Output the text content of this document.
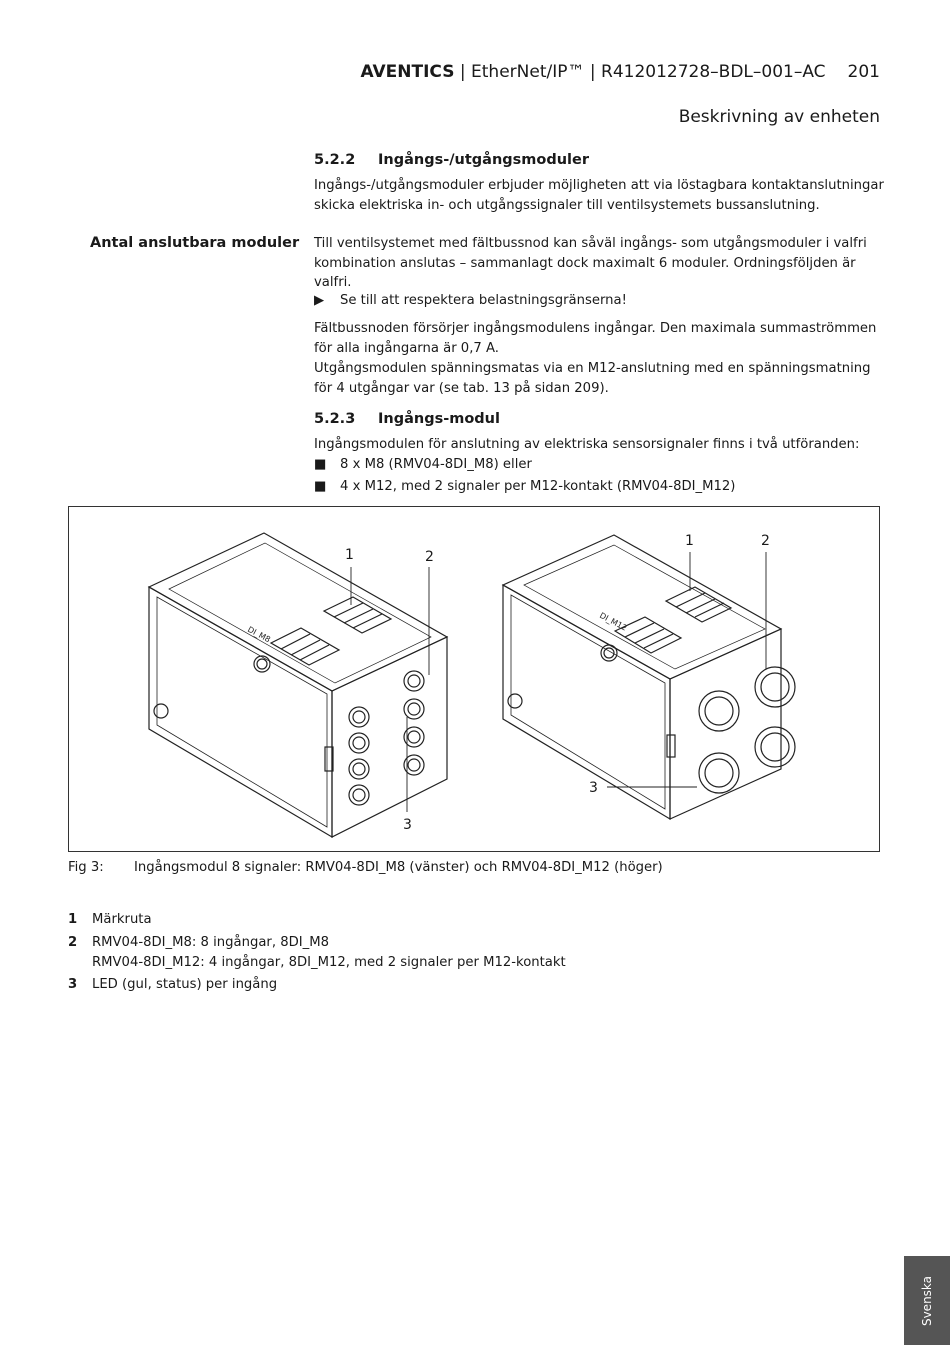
AVENTICS | EtherNet/IP™ | R412012728–BDL–001–AC 201
Beskrivning av enheten
5.2.2 Ingångs-/utgångsmoduler
Ingångs-/utgångsmoduler erbjuder möjligheten att via löstagbara kontaktanslutningar skicka elektriska in- och utgångssignaler till ventilsystemets bussanslutning.
Antal anslutbara moduler Till ventilsystemet med fältbussnod kan såväl ingångs- som utgångsmoduler i valfri kombination anslutas – sammanlagt dock maximalt 6 moduler. Ordningsföljden är valfri.
▶ Se till att respektera belastningsgränserna!
Fältbussnoden försörjer ingångsmodulens ingångar. Den maximala summaströmmen för alla ingångarna är 0,7 A.
Utgångsmodulen spänningsmatas via en M12-anslutning med en spänningsmatning för 4 utgångar var (se tab. 13 på sidan 209).
5.2.3 Ingångs-modul
Ingångsmodulen för anslutning av elektriska sensorsignaler finns i två utföranden:
■ 8 x M8 (RMV04-8DI_M8) eller
■ 4 x M12, med 2 signaler per M12-kontakt (RMV04-8DI_M12)
DI_M8
DI_M12
1	2
3
1	2
3
Fig 3: Ingångsmodul 8 signaler: RMV04-8DI_M8 (vänster) och RMV04-8DI_M12 (höger)
1 Märkruta
2 RMV04-8DI_M8: 8 ingångar, 8DI_M8
RMV04-8DI_M12: 4 ingångar, 8DI_M12, med 2 signaler per M12-kontakt
3 LED (gul, status) per ingång
Svenska
